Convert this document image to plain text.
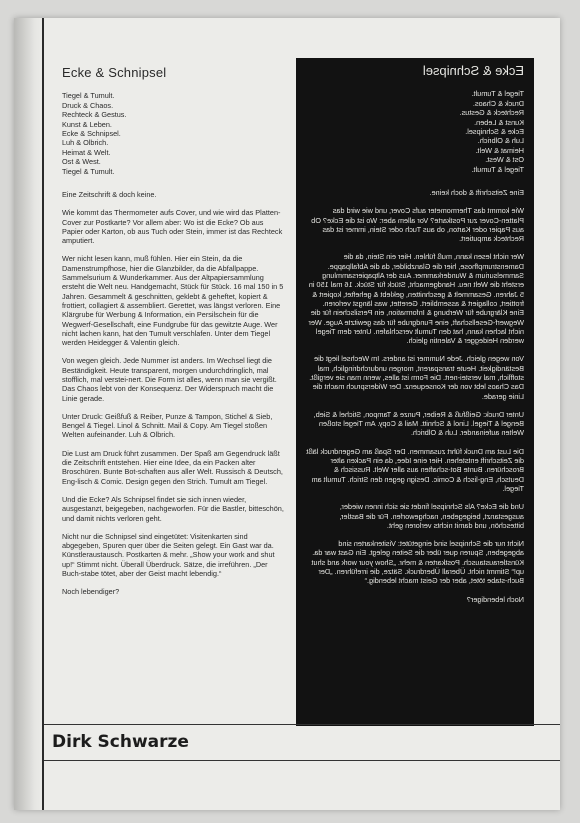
Ecke & Schnipsel
Tiegel & Tumult.
Druck & Chaos.
Rechteck & Gestus.
Kunst & Leben.
Ecke & Schnipsel.
Luh & Olbrich.
Heimat & Welt.
Ost & West.
Tiegel & Tumult.

Eine Zeitschrift & doch keine.

Wie kommt das Thermometer aufs Cover, und wie wird das Platten-Cover zur Postkarte? Vor allem aber: Wo ist die Ecke? Ob aus Papier oder Karton, ob aus Tuch oder Stein, immer ist das Rechteck amputiert.

Wer nicht lesen kann, muß fühlen. Hier ein Stein, da die Damenstrumpfhose, hier die Glanzbilder, da die Abfallpappe. Sammelsurium & Wunderkammer. Aus der Altpapiersammlung ersteht die Welt neu. Handgemacht, Stück für Stück. 16 mal 150 in 5 Jahren. Gesammelt & geschnitten, geklebt & geheftet, kopiert & frottiert, collagiert & assembliert. Gerettet, was längst verloren. Eine Klärgrube für Werbung & Information, ein Persilschein für die Wegwerf-Gesellschaft, eine Fundgrube für das gewitzte Auge. Wer nicht lachen kann, hat den Tumult verschlafen. Unter dem Tiegel werden Heidegger & Valentin gleich.

Von wegen gleich. Jede Nummer ist anders. Im Wechsel liegt die Beständigkeit. Heute transparent, morgen undurchdringlich, mal stofflich, mal verstei-nert. Die Form ist alles, wenn man sie vergißt. Das Chaos lebt von der Konsequenz. Der Widerspruch macht die Linie gerade.

Unter Druck: Geißfuß & Reiber, Punze & Tampon, Stichel & Sieb, Bengel & Tiegel. Linol & Schnitt. Mail & Copy. Am Tiegel stoßen Welten aufeinander. Luh & Olbrich.

Die Lust am Druck führt zusammen. Der Spaß am Gegendruck läßt die Zeitschrift entstehen. Hier eine Idee, da ein Packen alter Broschüren. Bunte Bot-schaften aus aller Welt. Russisch & Deutsch, Eng-lisch & Comic. Design gegen den Strich. Tumult am Tiegel.

Und die Ecke? Als Schnipsel findet sie sich innen wieder, ausgestanzt, beigegeben, nachgeworfen. Für die Bastler, bitteschön, und damit nichts verloren geht.

Nicht nur die Schnipsel sind eingetütet: Visitenkarten sind abgegeben, Spuren quer über die Seiten gelegt. Ein Gast war da. Künstleraustausch. Postkarten & mehr. „Show your work and shut up!“ Stimmt nicht. Überall Überdruck. Sätze, die irreführen. „Der Buch-stabe tötet, aber der Geist macht lebendig.“

Noch lebendiger?

Ecke & Schnipsel
Tiegel & Tumult.
Druck & Chaos.
Rechteck & Gestus.
Kunst & Leben.
Ecke & Schnipsel.
Luh & Olbrich.
Heimat & Welt.
Ost & West.
Tiegel & Tumult.

Eine Zeitschrift & doch keine.

Wie kommt das Thermometer aufs Cover, und wie wird das Platten-Cover zur Postkarte? Vor allem aber: Wo ist die Ecke? Ob aus Papier oder Karton, ob aus Tuch oder Stein, immer ist das Rechteck amputiert.

Wer nicht lesen kann, muß fühlen. Hier ein Stein, da die Damenstrumpfhose, hier die Glanzbilder, da die Abfallpappe. Sammelsurium & Wunderkammer. Aus der Altpapiersammlung ersteht die Welt neu. Handgemacht, Stück für Stück. 16 mal 150 in 5 Jahren. Gesammelt & geschnitten, geklebt & geheftet, kopiert & frottiert, collagiert & assembliert. Gerettet, was längst verloren. Eine Klärgrube für Werbung & Information, ein Persilschein für die Wegwerf-Gesellschaft, eine Fundgrube für das gewitzte Auge. Wer nicht lachen kann, hat den Tumult verschlafen. Unter dem Tiegel werden Heidegger & Valentin gleich.

Von wegen gleich. Jede Nummer ist anders. Im Wechsel liegt die Beständigkeit. Heute transparent, morgen undurchdringlich, mal stofflich, mal verstei-nert. Die Form ist alles, wenn man sie vergißt. Das Chaos lebt von der Konsequenz. Der Widerspruch macht die Linie gerade.

Unter Druck: Geißfuß & Reiber, Punze & Tampon, Stichel & Sieb, Bengel & Tiegel. Linol & Schnitt. Mail & Copy. Am Tiegel stoßen Welten aufeinander. Luh & Olbrich.

Die Lust am Druck führt zusammen. Der Spaß am Gegendruck läßt die Zeitschrift entstehen. Hier eine Idee, da ein Packen alter Broschüren. Bunte Bot-schaften aus aller Welt. Russisch & Deutsch, Eng-lisch & Comic. Design gegen den Strich. Tumult am Tiegel.

Und die Ecke? Als Schnipsel findet sie sich innen wieder, ausgestanzt, beigegeben, nachgeworfen. Für die Bastler, bitteschön, und damit nichts verloren geht.

Nicht nur die Schnipsel sind eingetütet: Visitenkarten sind abgegeben, Spuren quer über die Seiten gelegt. Ein Gast war da. Künstleraustausch. Postkarten & mehr. „Show your work and shut up!“ Stimmt nicht. Überall Überdruck. Sätze, die irreführen. „Der Buch-stabe tötet, aber der Geist macht lebendig.“

Noch lebendiger?

Dirk Schwarze
